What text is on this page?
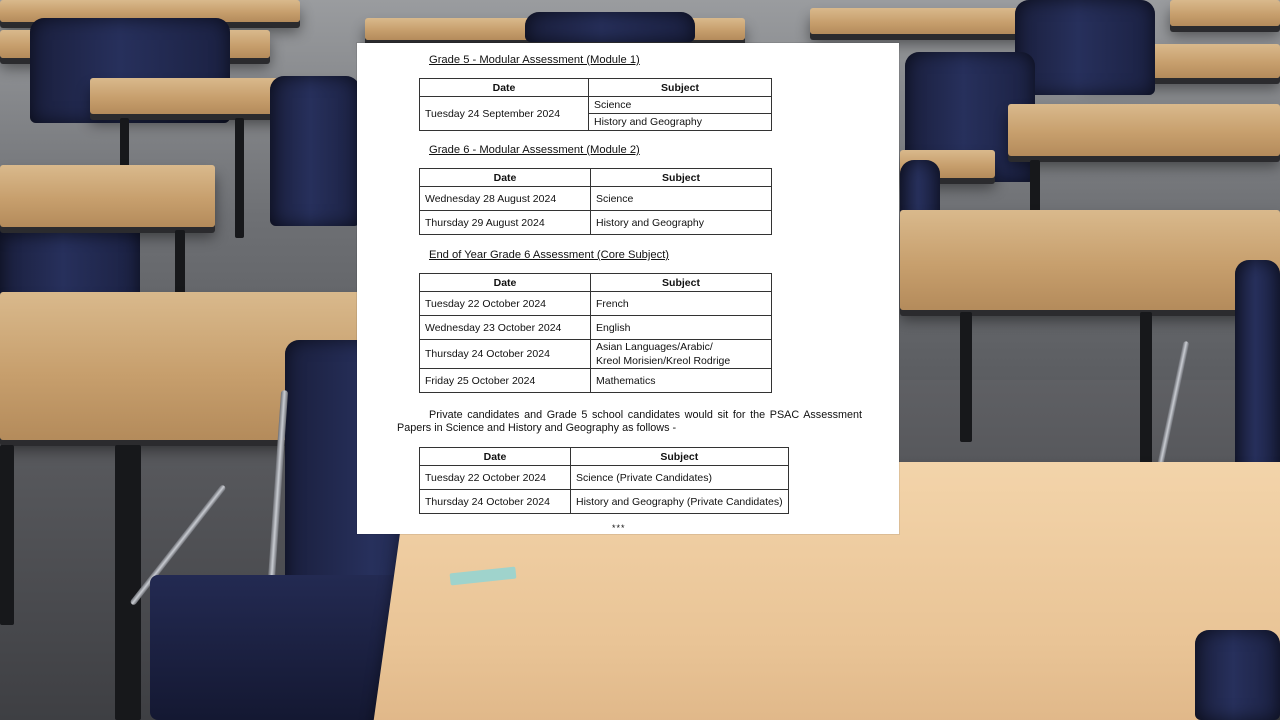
Grade 5 - Modular Assessment (Module 1)
Date	Subject
Tuesday 24 September 2024	Science
	History and Geography
Grade 6 - Modular Assessment (Module 2)
Date	Subject
Wednesday 28 August 2024	Science
Thursday 29 August 2024	History and Geography
End of Year Grade 6 Assessment (Core Subject)
Date	Subject
Tuesday 22 October 2024	French
Wednesday 23 October 2024	English
Thursday 24 October 2024	Asian Languages/Arabic/
Kreol Morisien/Kreol Rodrige
Friday 25 October 2024	Mathematics
Private candidates and Grade 5 school candidates would sit for the PSAC Assessment Papers in Science and History and Geography as follows -
Date	Subject
Tuesday 22 October 2024	Science (Private Candidates)
Thursday 24 October 2024	History and Geography (Private Candidates)
***
